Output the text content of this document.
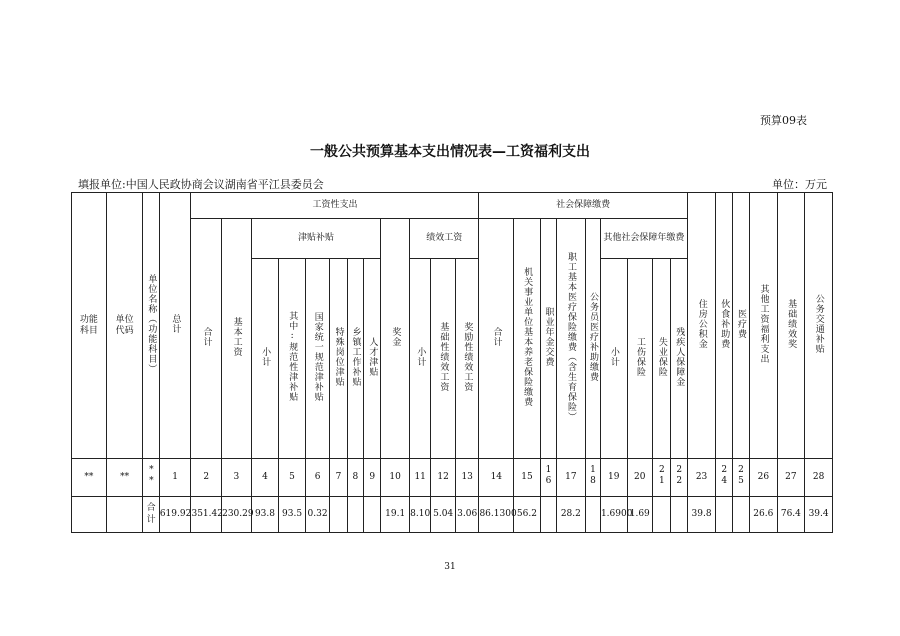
预算09表
一般公共预算基本支出情况表—工资福利支出
填报单位:中国人民政协商会议湖南省平江县委员会	单位：万元
功能科目	单位代码	单位名称（功能科目）	总计	工资性支出												社会保障缴费									住房公积金	伙食补助费	医疗费	其他工资福利支出	基础绩效奖	公务交通补贴
				合计	基本工资	津贴补贴						奖金	绩效工资			合计	机关事业单位基本养老保险缴费	职业年金交费	职工基本医疗保险缴费（含生育保险）	公务员医疗补助缴费	其他社会保障年缴费									
						小计	其中:规范性津补贴	国家统一规范津补贴	特殊岗位津贴	乡镇工作补贴	人才津贴		小计	基础性绩效工资	奖励性绩效工资						小计	工伤保险	失业保险	残疾人保障金						

**	**	**	1	2	3	4	5	6	7	8	9	10	11	12	13	14	15	16	17	18	19	20	21	22	23	24	25	26	27	28
		合计	619.92	351.42	230.29	93.8	93.5	0.32				19.1	8.10	5.04	3.06	86.1300	56.2		28.2		1.6900	1.69			39.8			26.6	76.4	39.4
31
